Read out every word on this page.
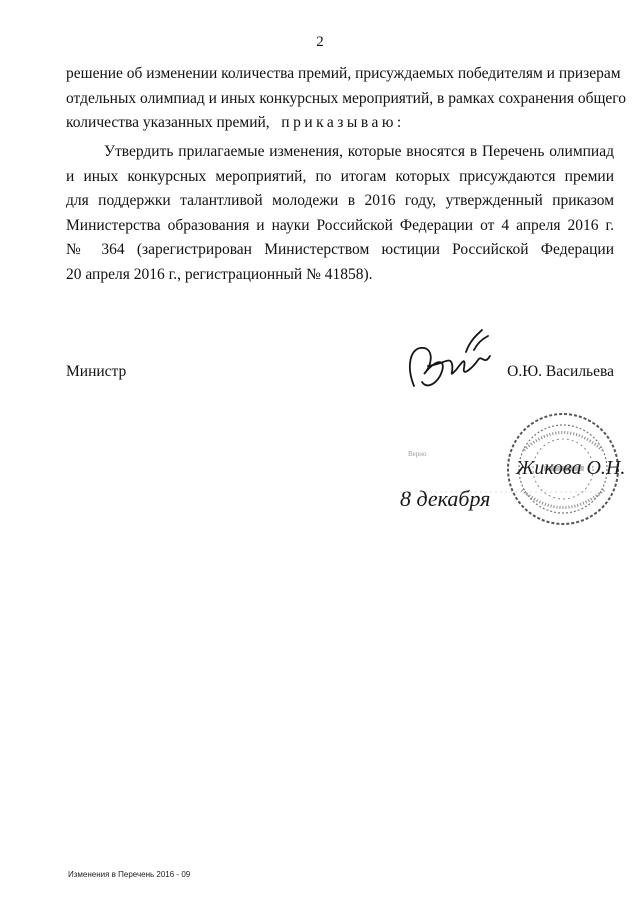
2
решение об изменении количества премий, присуждаемых победителям и призерам
отдельных олимпиад и иных конкурсных мероприятий, в рамках сохранения общего
количества указанных премий, приказываю:
Утвердить прилагаемые изменения, которые вносятся в Перечень олимпиад
и иных конкурсных мероприятий, по итогам которых присуждаются премии
для поддержки талантливой молодежи в 2016 году, утвержденный приказом
Министерства образования и науки Российской Федерации от 4 апреля 2016 г.
№ 364 (зарегистрирован Министерством юстиции Российской Федерации
20 апреля 2016 г., регистрационный № 41858).
Министр	О.Ю. Васильева
Верно
Жикова О.Н.
8 декабря
Изменения в Перечень 2016 - 09
